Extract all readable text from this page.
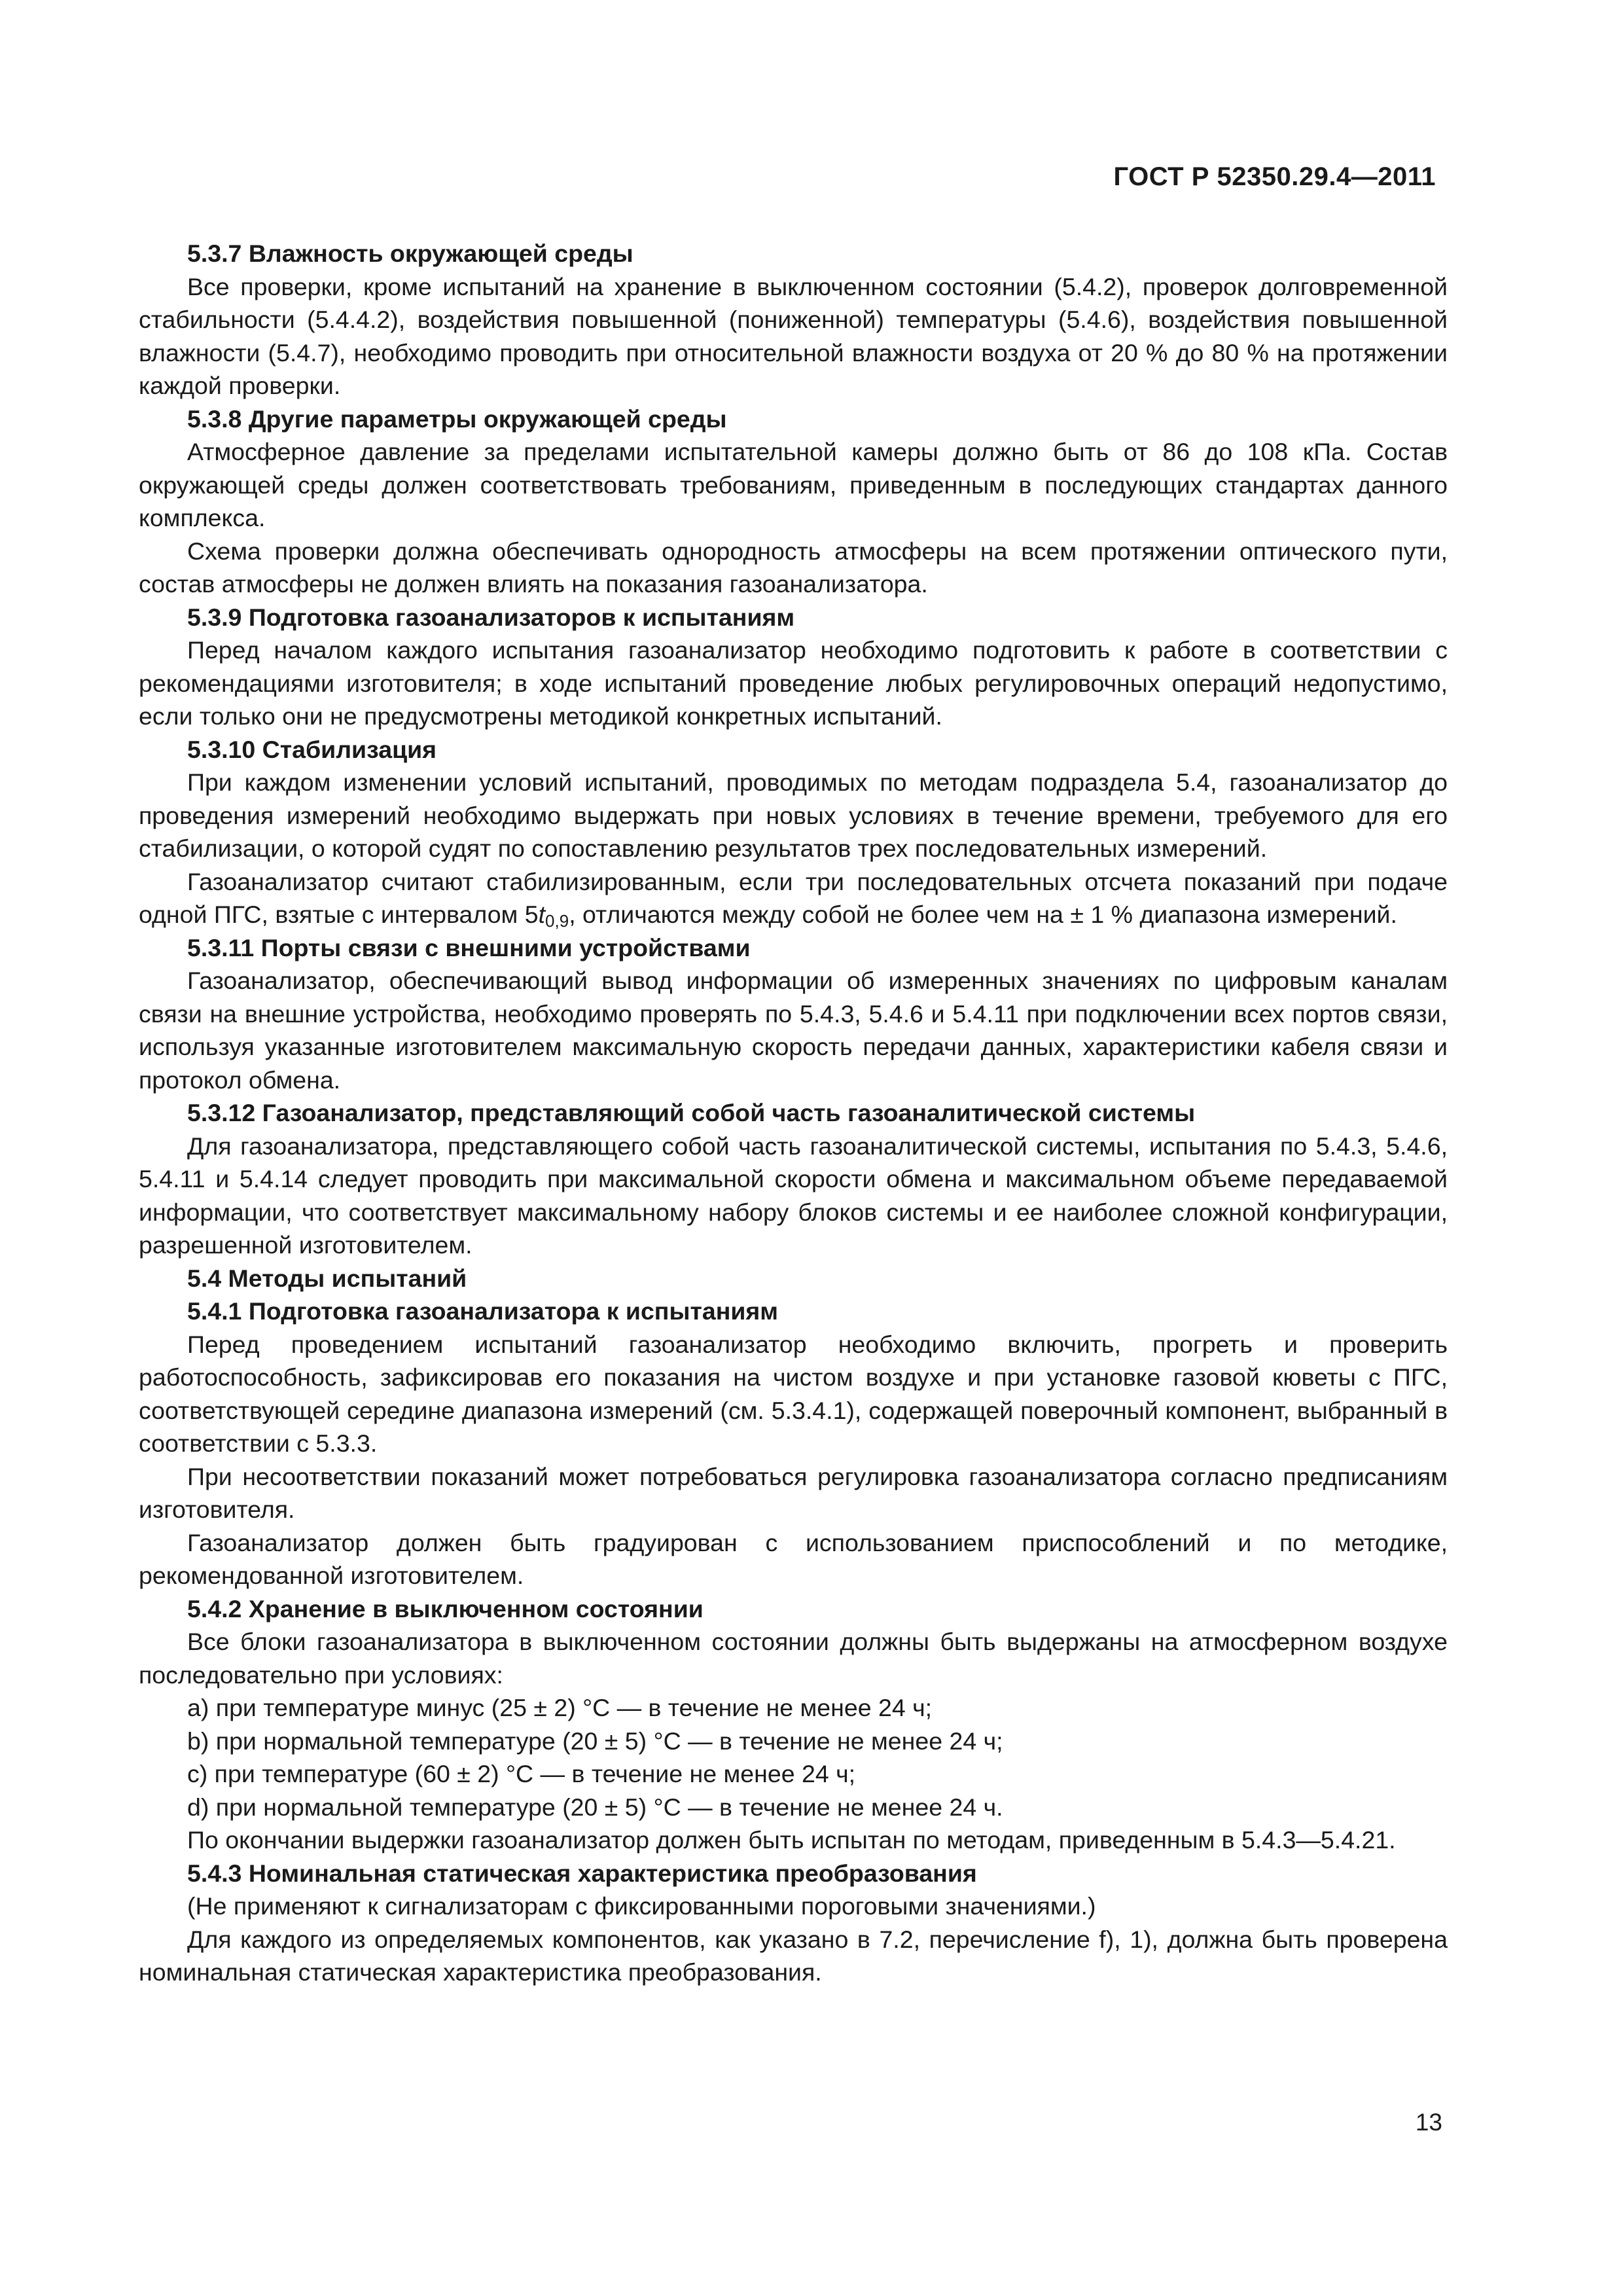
ГОСТ Р 52350.29.4—2011
5.3.7 Влажность окружающей среды

Все проверки, кроме испытаний на хранение в выключенном состоянии (5.4.2), проверок долговременной стабильности (5.4.4.2), воздействия повышенной (пониженной) температуры (5.4.6), воздействия повышенной влажности (5.4.7), необходимо проводить при относительной влажности воздуха от 20 % до 80 % на протяжении каждой проверки.

5.3.8 Другие параметры окружающей среды

Атмосферное давление за пределами испытательной камеры должно быть от 86 до 108 кПа. Состав окружающей среды должен соответствовать требованиям, приведенным в последующих стандартах данного комплекса.

Схема проверки должна обеспечивать однородность атмосферы на всем протяжении оптического пути, состав атмосферы не должен влиять на показания газоанализатора.

5.3.9 Подготовка газоанализаторов к испытаниям

Перед началом каждого испытания газоанализатор необходимо подготовить к работе в соответствии с рекомендациями изготовителя; в ходе испытаний проведение любых регулировочных операций недопустимо, если только они не предусмотрены методикой конкретных испытаний.

5.3.10 Стабилизация

При каждом изменении условий испытаний, проводимых по методам подраздела 5.4, газоанализатор до проведения измерений необходимо выдержать при новых условиях в течение времени, требуемого для его стабилизации, о которой судят по сопоставлению результатов трех последовательных измерений.

Газоанализатор считают стабилизированным, если три последовательных отсчета показаний при подаче одной ПГС, взятые с интервалом $5t_{0,9}$, отличаются между собой не более чем на ± 1 % диапазона измерений.

5.3.11 Порты связи с внешними устройствами

Газоанализатор, обеспечивающий вывод информации об измеренных значениях по цифровым каналам связи на внешние устройства, необходимо проверять по 5.4.3, 5.4.6 и 5.4.11 при подключении всех портов связи, используя указанные изготовителем максимальную скорость передачи данных, характеристики кабеля связи и протокол обмена.

5.3.12 Газоанализатор, представляющий собой часть газоаналитической системы

Для газоанализатора, представляющего собой часть газоаналитической системы, испытания по 5.4.3, 5.4.6, 5.4.11 и 5.4.14 следует проводить при максимальной скорости обмена и максимальном объеме передаваемой информации, что соответствует максимальному набору блоков системы и ее наиболее сложной конфигурации, разрешенной изготовителем.

5.4 Методы испытаний
5.4.1 Подготовка газоанализатора к испытаниям

Перед проведением испытаний газоанализатор необходимо включить, прогреть и проверить работоспособность, зафиксировав его показания на чистом воздухе и при установке газовой кюветы с ПГС, соответствующей середине диапазона измерений (см. 5.3.4.1), содержащей поверочный компонент, выбранный в соответствии с 5.3.3.

При несоответствии показаний может потребоваться регулировка газоанализатора согласно предписаниям изготовителя.

Газоанализатор должен быть градуирован с использованием приспособлений и по методике, рекомендованной изготовителем.

5.4.2 Хранение в выключенном состоянии

Все блоки газоанализатора в выключенном состоянии должны быть выдержаны на атмосферном воздухе последовательно при условиях:

a) при температуре минус (25 ± 2) °C — в течение не менее 24 ч;

b) при нормальной температуре (20 ± 5) °C — в течение не менее 24 ч;

c) при температуре (60 ± 2) °C — в течение не менее 24 ч;

d) при нормальной температуре (20 ± 5) °C — в течение не менее 24 ч.

По окончании выдержки газоанализатор должен быть испытан по методам, приведенным в 5.4.3—5.4.21.

5.4.3 Номинальная статическая характеристика преобразования

(Не применяют к сигнализаторам с фиксированными пороговыми значениями.)

Для каждого из определяемых компонентов, как указано в 7.2, перечисление f), 1), должна быть проверена номинальная статическая характеристика преобразования.

13
